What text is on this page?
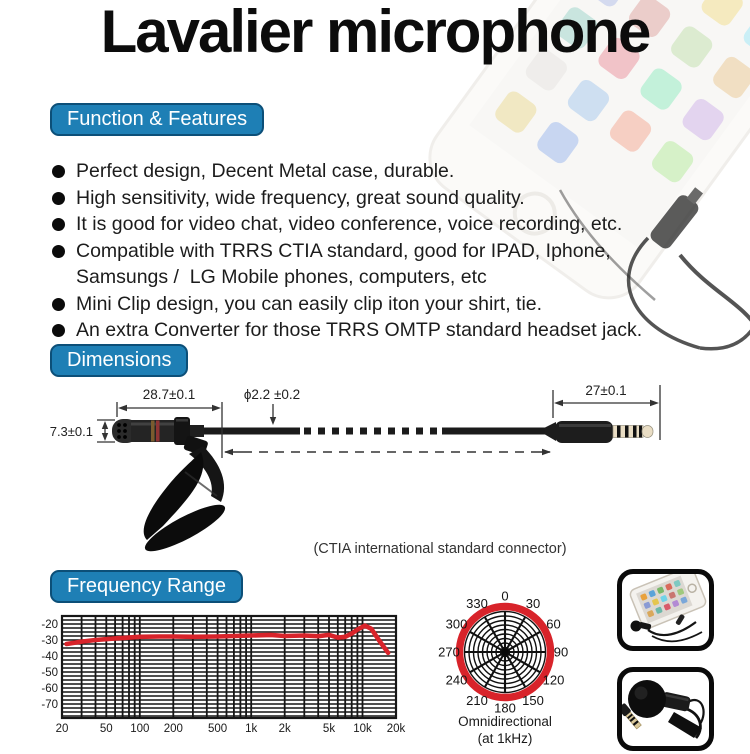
Lavalier microphone
Function & Features
Perfect design, Decent Metal case, durable.
High sensitivity, wide frequency, great sound quality.
It is good for video chat, video conference, voice recording, etc.
Compatible with TRRS CTIA standard, good for IPAD, Iphone, Samsungs /  LG Mobile phones, computers, etc
Mini Clip design, you can easily clip iton your shirt, tie.
An extra Converter for those TRRS OMTP standard headset jack.
Dimensions
28.7±0.1
7.3±0.1
ϕ2.2 ±0.2	27±0.1
(CTIA international standard connector)
Frequency Range
20	50 100 200 500 1k 2k	5k 10k 20k
-20
-30
-40
-50
-60
-70
0 30
60
90
120
150
180
210
240
270
300
330
Omnidirectional
(at 1kHz)
